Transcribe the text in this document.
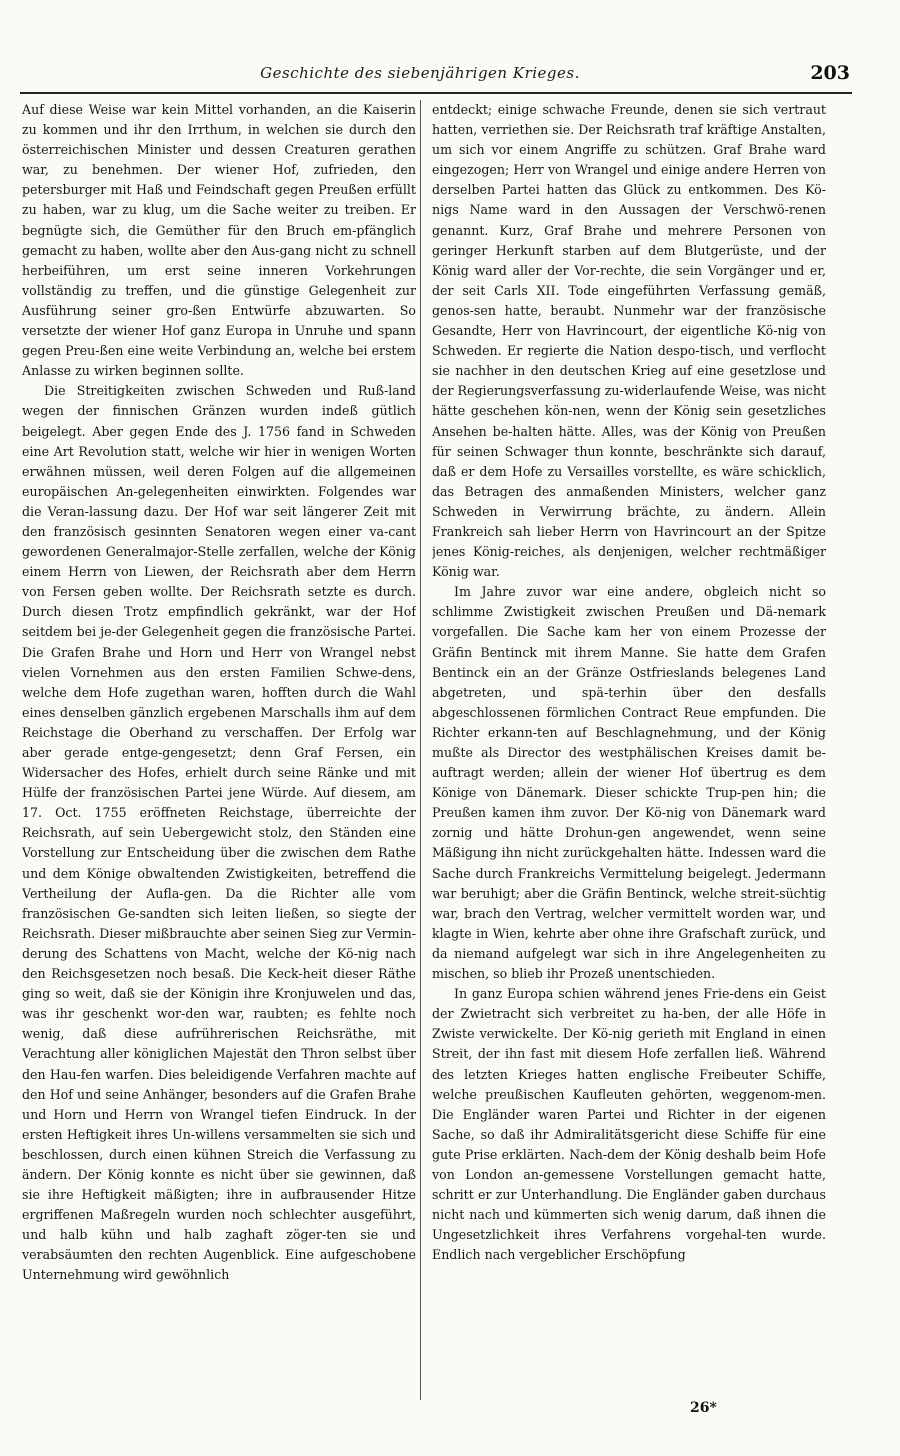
Geschichte des siebenjährigen Krieges.	203

Auf diese Weise war kein Mittel vorhanden, an die Kaiserin zu kommen und ihr den Irrthum, in welchen sie durch den österreichischen Minister und dessen Creaturen gerathen war, zu benehmen. Der wiener Hof, zufrieden, den petersburger mit Haß und Feindschaft gegen Preußen erfüllt zu haben, war zu klug, um die Sache weiter zu treiben. Er begnügte sich, die Gemüther für den Bruch em-pfänglich gemacht zu haben, wollte aber den Aus-gang nicht zu schnell herbeiführen, um erst seine inneren Vorkehrungen vollständig zu treffen, und die günstige Gelegenheit zur Ausführung seiner gro-ßen Entwürfe abzuwarten. So versetzte der wiener Hof ganz Europa in Unruhe und spann gegen Preu-ßen eine weite Verbindung an, welche bei erstem Anlasse zu wirken beginnen sollte.

Die Streitigkeiten zwischen Schweden und Ruß-land wegen der finnischen Gränzen wurden indeß gütlich beigelegt. Aber gegen Ende des J. 1756 fand in Schweden eine Art Revolution statt, welche wir hier in wenigen Worten erwähnen müssen, weil deren Folgen auf die allgemeinen europäischen An-gelegenheiten einwirkten. Folgendes war die Veran-lassung dazu. Der Hof war seit längerer Zeit mit den französisch gesinnten Senatoren wegen einer va-cant gewordenen Generalmajor-Stelle zerfallen, welche der König einem Herrn von Liewen, der Reichsrath aber dem Herrn von Fersen geben wollte. Der Reichsrath setzte es durch. Durch diesen Trotz empfindlich gekränkt, war der Hof seitdem bei je-der Gelegenheit gegen die französische Partei. Die Grafen Brahe und Horn und Herr von Wrangel nebst vielen Vornehmen aus den ersten Familien Schwe-dens, welche dem Hofe zugethan waren, hofften durch die Wahl eines denselben gänzlich ergebenen Marschalls ihm auf dem Reichstage die Oberhand zu verschaffen. Der Erfolg war aber gerade entge-gengesetzt; denn Graf Fersen, ein Widersacher des Hofes, erhielt durch seine Ränke und mit Hülfe der französischen Partei jene Würde. Auf diesem, am 17. Oct. 1755 eröffneten Reichstage, überreichte der Reichsrath, auf sein Uebergewicht stolz, den Ständen eine Vorstellung zur Entscheidung über die zwischen dem Rathe und dem Könige obwaltenden Zwistigkeiten, betreffend die Vertheilung der Aufla-gen. Da die Richter alle vom französischen Ge-sandten sich leiten ließen, so siegte der Reichsrath. Dieser mißbrauchte aber seinen Sieg zur Vermin-derung des Schattens von Macht, welche der Kö-nig nach den Reichsgesetzen noch besaß. Die Keck-heit dieser Räthe ging so weit, daß sie der Königin ihre Kronjuwelen und das, was ihr geschenkt wor-den war, raubten; es fehlte noch wenig, daß diese aufrührerischen Reichsräthe, mit Verachtung aller königlichen Majestät den Thron selbst über den Hau-fen warfen. Dies beleidigende Verfahren machte auf den Hof und seine Anhänger, besonders auf die Grafen Brahe und Horn und Herrn von Wrangel tiefen Eindruck. In der ersten Heftigkeit ihres Un-willens versammelten sie sich und beschlossen, durch einen kühnen Streich die Verfassung zu ändern. Der König konnte es nicht über sie gewinnen, daß sie ihre Heftigkeit mäßigten; ihre in aufbrausender Hitze ergriffenen Maßregeln wurden noch schlechter ausgeführt, und halb kühn und halb zaghaft zöger-ten sie und verabsäumten den rechten Augenblick. Eine aufgeschobene Unternehmung wird gewöhnlich

entdeckt; einige schwache Freunde, denen sie sich vertraut hatten, verriethen sie. Der Reichsrath traf kräftige Anstalten, um sich vor einem Angriffe zu schützen. Graf Brahe ward eingezogen; Herr von Wrangel und einige andere Herren von derselben Partei hatten das Glück zu entkommen. Des Kö-nigs Name ward in den Aussagen der Verschwö-renen genannt. Kurz, Graf Brahe und mehrere Personen von geringer Herkunft starben auf dem Blutgerüste, und der König ward aller der Vor-rechte, die sein Vorgänger und er, der seit Carls XII. Tode eingeführten Verfassung gemäß, genos-sen hatte, beraubt. Nunmehr war der französische Gesandte, Herr von Havrincourt, der eigentliche Kö-nig von Schweden. Er regierte die Nation despo-tisch, und verflocht sie nachher in den deutschen Krieg auf eine gesetzlose und der Regierungsverfassung zu-widerlaufende Weise, was nicht hätte geschehen kön-nen, wenn der König sein gesetzliches Ansehen be-halten hätte. Alles, was der König von Preußen für seinen Schwager thun konnte, beschränkte sich darauf, daß er dem Hofe zu Versailles vorstellte, es wäre schicklich, das Betragen des anmaßenden Ministers, welcher ganz Schweden in Verwirrung brächte, zu ändern. Allein Frankreich sah lieber Herrn von Havrincourt an der Spitze jenes König-reiches, als denjenigen, welcher rechtmäßiger König war.

Im Jahre zuvor war eine andere, obgleich nicht so schlimme Zwistigkeit zwischen Preußen und Dä-nemark vorgefallen. Die Sache kam her von einem Prozesse der Gräfin Bentinck mit ihrem Manne. Sie hatte dem Grafen Bentinck ein an der Gränze Ostfrieslands belegenes Land abgetreten, und spä-terhin über den desfalls abgeschlossenen förmlichen Contract Reue empfunden. Die Richter erkann-ten auf Beschlagnehmung, und der König mußte als Director des westphälischen Kreises damit be-auftragt werden; allein der wiener Hof übertrug es dem Könige von Dänemark. Dieser schickte Trup-pen hin; die Preußen kamen ihm zuvor. Der Kö-nig von Dänemark ward zornig und hätte Drohun-gen angewendet, wenn seine Mäßigung ihn nicht zurückgehalten hätte. Indessen ward die Sache durch Frankreichs Vermittelung beigelegt. Jedermann war beruhigt; aber die Gräfin Bentinck, welche streit-süchtig war, brach den Vertrag, welcher vermittelt worden war, und klagte in Wien, kehrte aber ohne ihre Grafschaft zurück, und da niemand aufgelegt war sich in ihre Angelegenheiten zu mischen, so blieb ihr Prozeß unentschieden.

In ganz Europa schien während jenes Frie-dens ein Geist der Zwietracht sich verbreitet zu ha-ben, der alle Höfe in Zwiste verwickelte. Der Kö-nig gerieth mit England in einen Streit, der ihn fast mit diesem Hofe zerfallen ließ. Während des letzten Krieges hatten englische Freibeuter Schiffe, welche preußischen Kaufleuten gehörten, weggenom-men. Die Engländer waren Partei und Richter in der eigenen Sache, so daß ihr Admiralitätsgericht diese Schiffe für eine gute Prise erklärten. Nach-dem der König deshalb beim Hofe von London an-gemessene Vorstellungen gemacht hatte, schritt er zur Unterhandlung. Die Engländer gaben durchaus nicht nach und kümmerten sich wenig darum, daß ihnen die Ungesetzlichkeit ihres Verfahrens vorgehal-ten wurde. Endlich nach vergeblicher Erschöpfung

26*
